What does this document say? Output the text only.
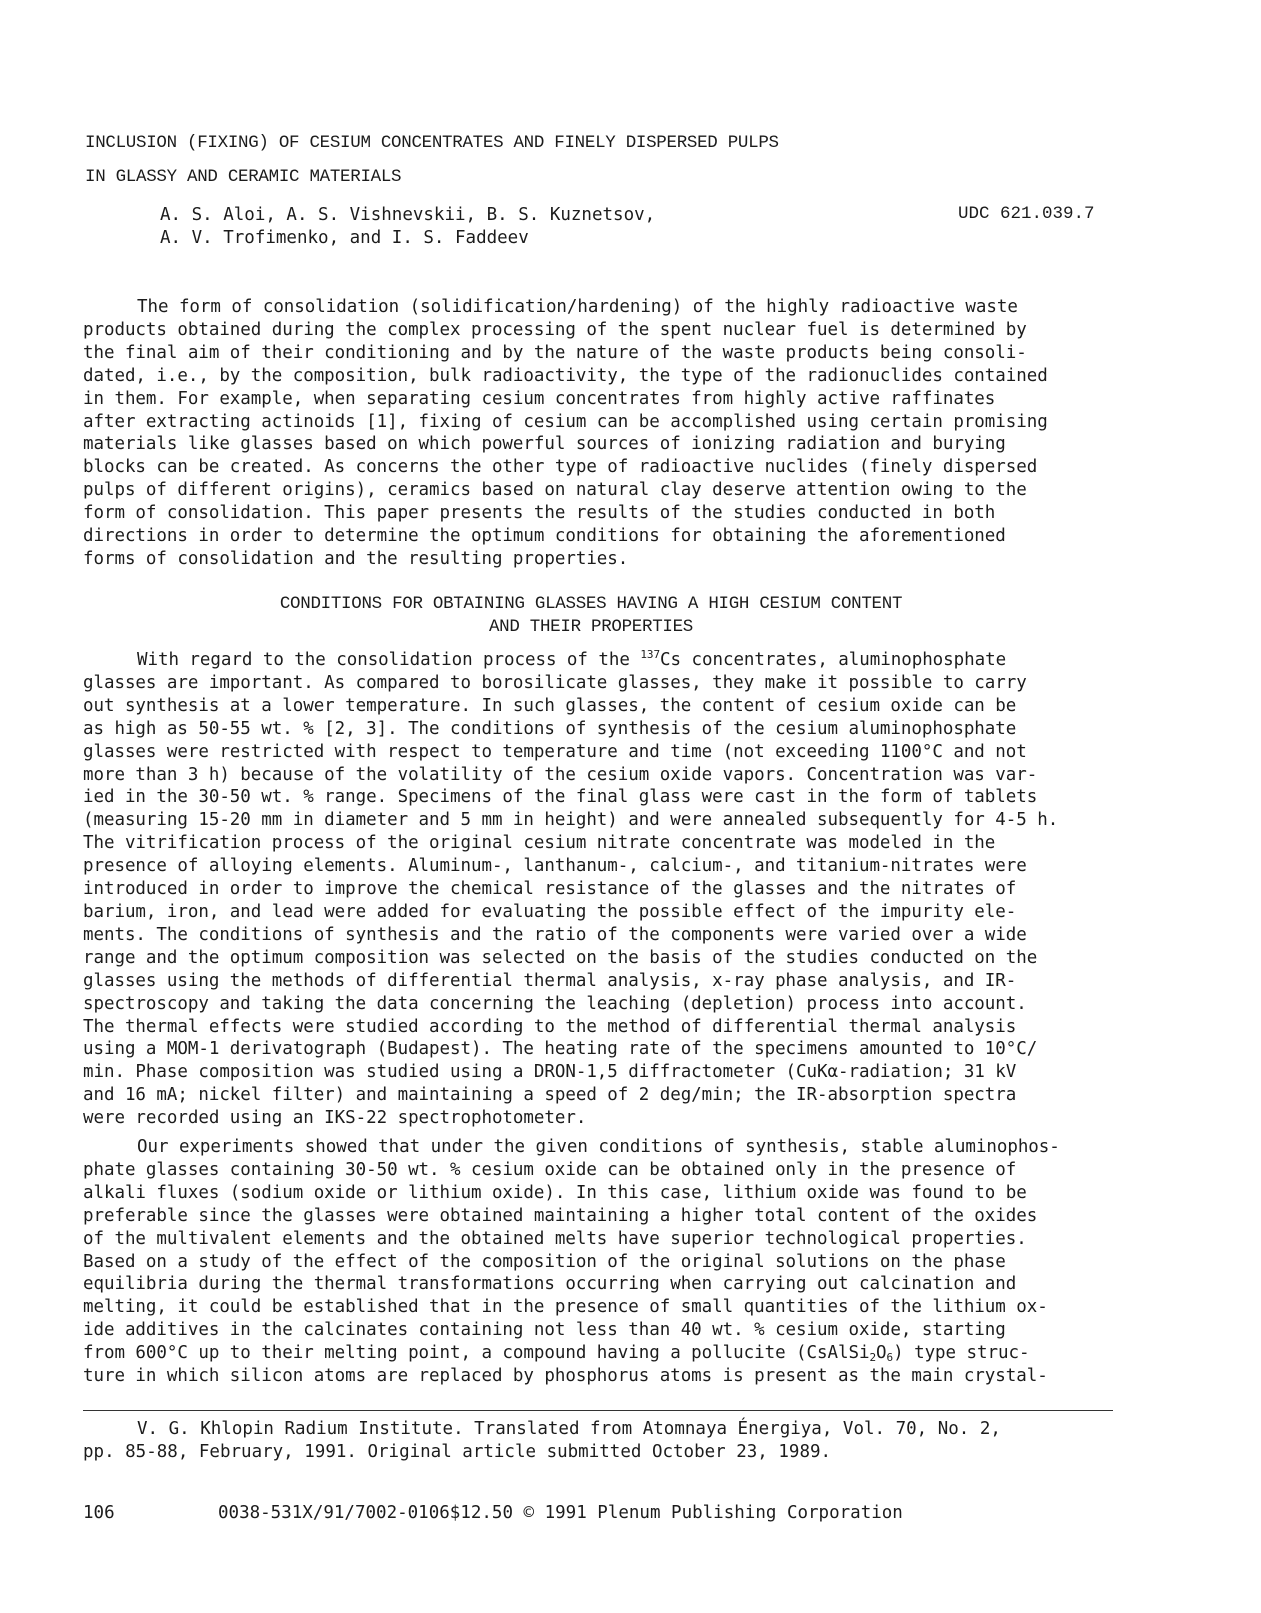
INCLUSION (FIXING) OF CESIUM CONCENTRATES AND FINELY DISPERSED PULPS
IN GLASSY AND CERAMIC MATERIALS
A. S. Aloi, A. S. Vishnevskii, B. S. Kuznetsov,
A. V. Trofimenko, and I. S. Faddeev
UDC 621.039.7
The form of consolidation (solidification/hardening) of the highly radioactive waste
products obtained during the complex processing of the spent nuclear fuel is determined by
the final aim of their conditioning and by the nature of the waste products being consoli-
dated, i.e., by the composition, bulk radioactivity, the type of the radionuclides contained
in them. For example, when separating cesium concentrates from highly active raffinates
after extracting actinoids [1], fixing of cesium can be accomplished using certain promising
materials like glasses based on which powerful sources of ionizing radiation and burying
blocks can be created. As concerns the other type of radioactive nuclides (finely dispersed
pulps of different origins), ceramics based on natural clay deserve attention owing to the
form of consolidation. This paper presents the results of the studies conducted in both
directions in order to determine the optimum conditions for obtaining the aforementioned
forms of consolidation and the resulting properties.
CONDITIONS FOR OBTAINING GLASSES HAVING A HIGH CESIUM CONTENT
AND THEIR PROPERTIES
With regard to the consolidation process of the $^{137}$Cs concentrates, aluminophosphate
glasses are important. As compared to borosilicate glasses, they make it possible to carry
out synthesis at a lower temperature. In such glasses, the content of cesium oxide can be
as high as 50-55 wt. % [2, 3]. The conditions of synthesis of the cesium aluminophosphate
glasses were restricted with respect to temperature and time (not exceeding 1100°C and not
more than 3 h) because of the volatility of the cesium oxide vapors. Concentration was var-
ied in the 30-50 wt. % range. Specimens of the final glass were cast in the form of tablets
(measuring 15-20 mm in diameter and 5 mm in height) and were annealed subsequently for 4-5 h.
The vitrification process of the original cesium nitrate concentrate was modeled in the
presence of alloying elements. Aluminum-, lanthanum-, calcium-, and titanium-nitrates were
introduced in order to improve the chemical resistance of the glasses and the nitrates of
barium, iron, and lead were added for evaluating the possible effect of the impurity ele-
ments. The conditions of synthesis and the ratio of the components were varied over a wide
range and the optimum composition was selected on the basis of the studies conducted on the
glasses using the methods of differential thermal analysis, x-ray phase analysis, and IR-
spectroscopy and taking the data concerning the leaching (depletion) process into account.
The thermal effects were studied according to the method of differential thermal analysis
using a MOM-1 derivatograph (Budapest). The heating rate of the specimens amounted to 10°C/
min. Phase composition was studied using a DRON-1,5 diffractometer (CuKα-radiation; 31 kV
and 16 mA; nickel filter) and maintaining a speed of 2 deg/min; the IR-absorption spectra
were recorded using an IKS-22 spectrophotometer.
Our experiments showed that under the given conditions of synthesis, stable aluminophos-
phate glasses containing 30-50 wt. % cesium oxide can be obtained only in the presence of
alkali fluxes (sodium oxide or lithium oxide). In this case, lithium oxide was found to be
preferable since the glasses were obtained maintaining a higher total content of the oxides
of the multivalent elements and the obtained melts have superior technological properties.
Based on a study of the effect of the composition of the original solutions on the phase
equilibria during the thermal transformations occurring when carrying out calcination and
melting, it could be established that in the presence of small quantities of the lithium ox-
ide additives in the calcinates containing not less than 40 wt. % cesium oxide, starting
from 600°C up to their melting point, a compound having a pollucite $(CsAlSi_2O_6)$ type struc-
ture in which silicon atoms are replaced by phosphorus atoms is present as the main crystal-
V. G. Khlopin Radium Institute. Translated from Atomnaya Énergiya, Vol. 70, No. 2,
pp. 85-88, February, 1991. Original article submitted October 23, 1989.
106	0038-531X/91/7002-0106$12.50 © 1991 Plenum Publishing Corporation
